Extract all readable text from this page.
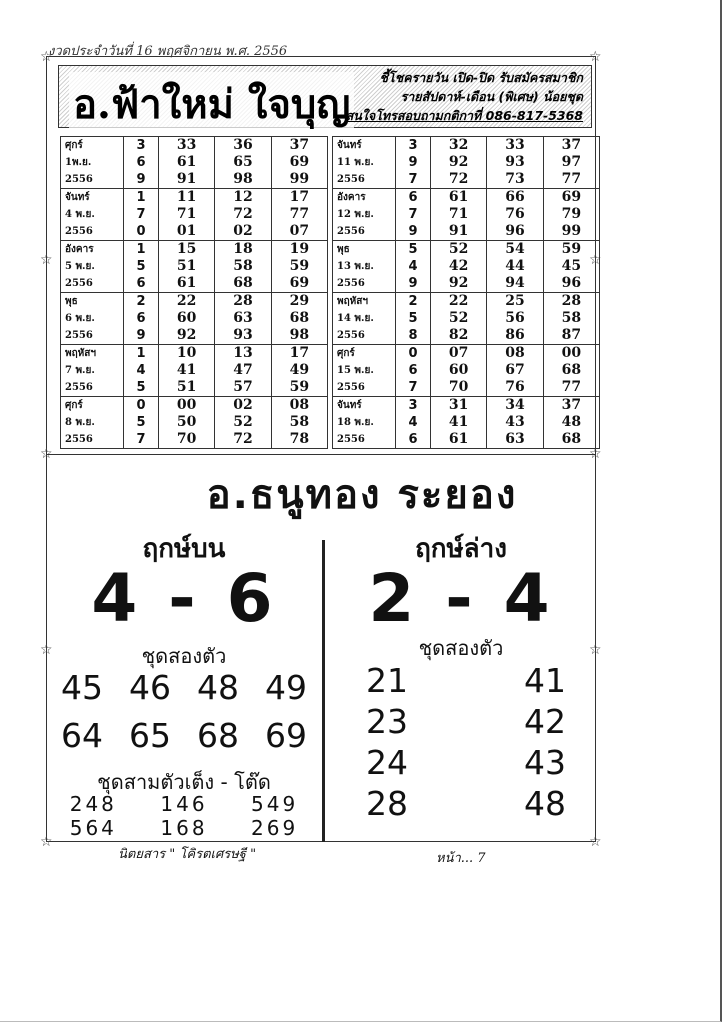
งวดประจำวันที่ 16 พฤศจิกายน พ.ศ. 2556
☆	☆
☆	☆
☆	☆
☆	☆
☆	☆
อ.ฟ้าใหม่ ใจบุญ
ชี้โชครายวัน เปิด-ปิด รับสมัครสมาชิก
รายสัปดาห์-เดือน (พิเศษ) น้อยชุด
สนใจโทรสอบถามกติกาที่ 086-817-5368
ศุกร์	3	33	36	37
1พ.ย.	6	61	65	69
2556	9	91	98	99
จันทร์	1	11	12	17
4 พ.ย.	7	71	72	77
2556	0	01	02	07
อังคาร	1	15	18	19
5 พ.ย.	5	51	58	59
2556	6	61	68	69
พุธ	2	22	28	29
6 พ.ย.	6	60	63	68
2556	9	92	93	98
พฤหัสฯ	1	10	13	17
7 พ.ย.	4	41	47	49
2556	5	51	57	59
ศุกร์	0	00	02	08
8 พ.ย.	5	50	52	58
2556	7	70	72	78
จันทร์	3	32	33	37
11 พ.ย.	9	92	93	97
2556	7	72	73	77
อังคาร	6	61	66	69
12 พ.ย.	7	71	76	79
2556	9	91	96	99
พุธ	5	52	54	59
13 พ.ย.	4	42	44	45
2556	9	92	94	96
พฤหัสฯ	2	22	25	28
14 พ.ย.	5	52	56	58
2556	8	82	86	87
ศุกร์	0	07	08	00
15 พ.ย.	6	60	67	68
2556	7	70	76	77
จันทร์	3	31	34	37
18 พ.ย.	4	41	43	48
2556	6	61	63	68
อ.ธนูทอง ระยอง
ฤกษ์บน
4 - 6
ชุดสองตัว
45 46 48 49
64 65 68 69
ชุดสามตัวเต็ง - โต๊ด
248 146 549
564 168 269
ฤกษ์ล่าง
2 - 4
ชุดสองตัว
21	41
23	42
24	43
28	48
นิตยสาร " โคิรตเศรษฐี "	หน้า... 7
